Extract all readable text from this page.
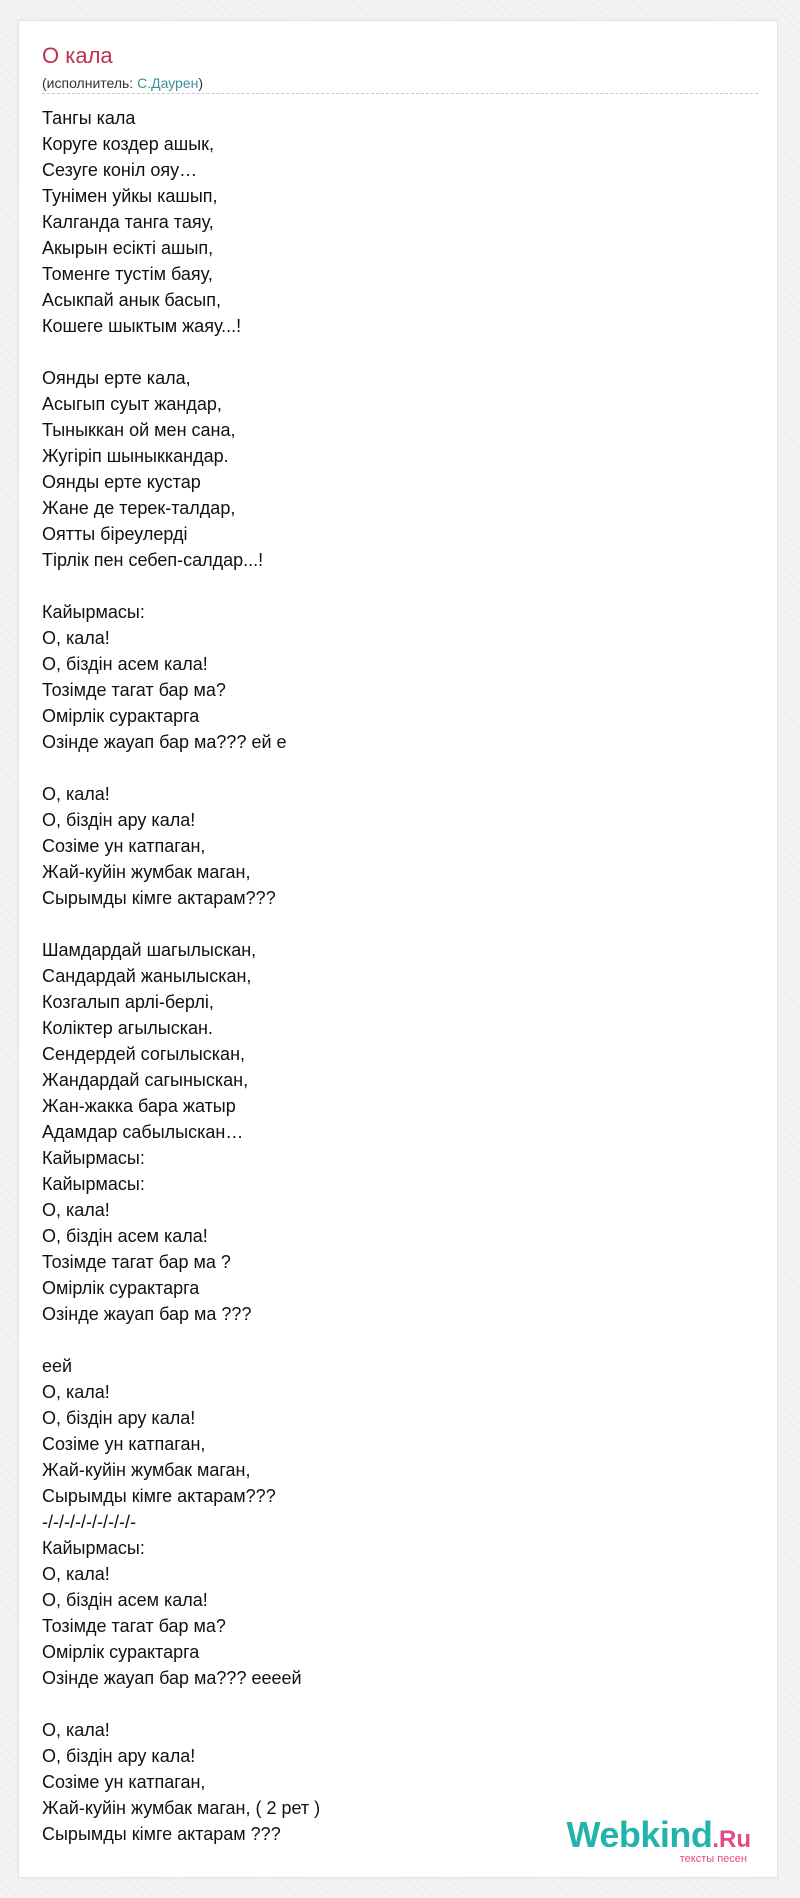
О кала
(исполнитель: С.Даурен)
Тангы кала
Коруге коздер ашык,
Сезуге конiл ояу…
Тунiмен уйкы кашып,
Калганда танга таяу,
Акырын есiктi ашып,
Томенге тустiм баяу,
Асыкпай анык басып,
Кошеге шыктым жаяу...!
Оянды ерте кала,
Асыгып суыт жандар,
Тыныккан ой мен сана,
Жугiрiп шыныккандар.
Оянды ерте кустар
Жане де терек-талдар,
Оятты бiреулердi
Тiрлiк пен себеп-салдар...!
Кайырмасы:
О, кала!
О, бiздiн асем кала!
Тозiмде тагат бар ма?
Омiрлiк сурактарга
Озiнде жауап бар ма??? ей е
О, кала!
О, бiздiн ару кала!
Созiме ун катпаган,
Жай-куйiн жумбак маган,
Сырымды кiмге актарам???
Шамдардай шагылыскан,
Сандардай жанылыскан,
Козгалып арлi-берлi,
Колiктер агылыскан.
Сендердей согылыскан,
Жандардай сагыныскан,
Жан-жакка бара жатыр
Адамдар сабылыскан…
Кайырмасы:
Кайырмасы:
О, кала!
О, бiздiн асем кала!
Тозiмде тагат бар ма ?
Омiрлiк сурактарга
Озiнде жауап бар ма ???
еей
О, кала!
О, бiздiн ару кала!
Созiме ун катпаган,
Жай-куйiн жумбак маган,
Сырымды кiмге актарам???
-/-/-/-/-/-/-/-/-
Кайырмасы:
О, кала!
О, бiздiн асем кала!
Тозiмде тагат бар ма?
Омiрлiк сурактарга
Озiнде жауап бар ма??? еееей
О, кала!
О, бiздiн ару кала!
Созiме ун катпаган,
Жай-куйiн жумбак маган, ( 2 рет )
Сырымды кiмге актарам ???	Webkind.Ru
тексты песен
